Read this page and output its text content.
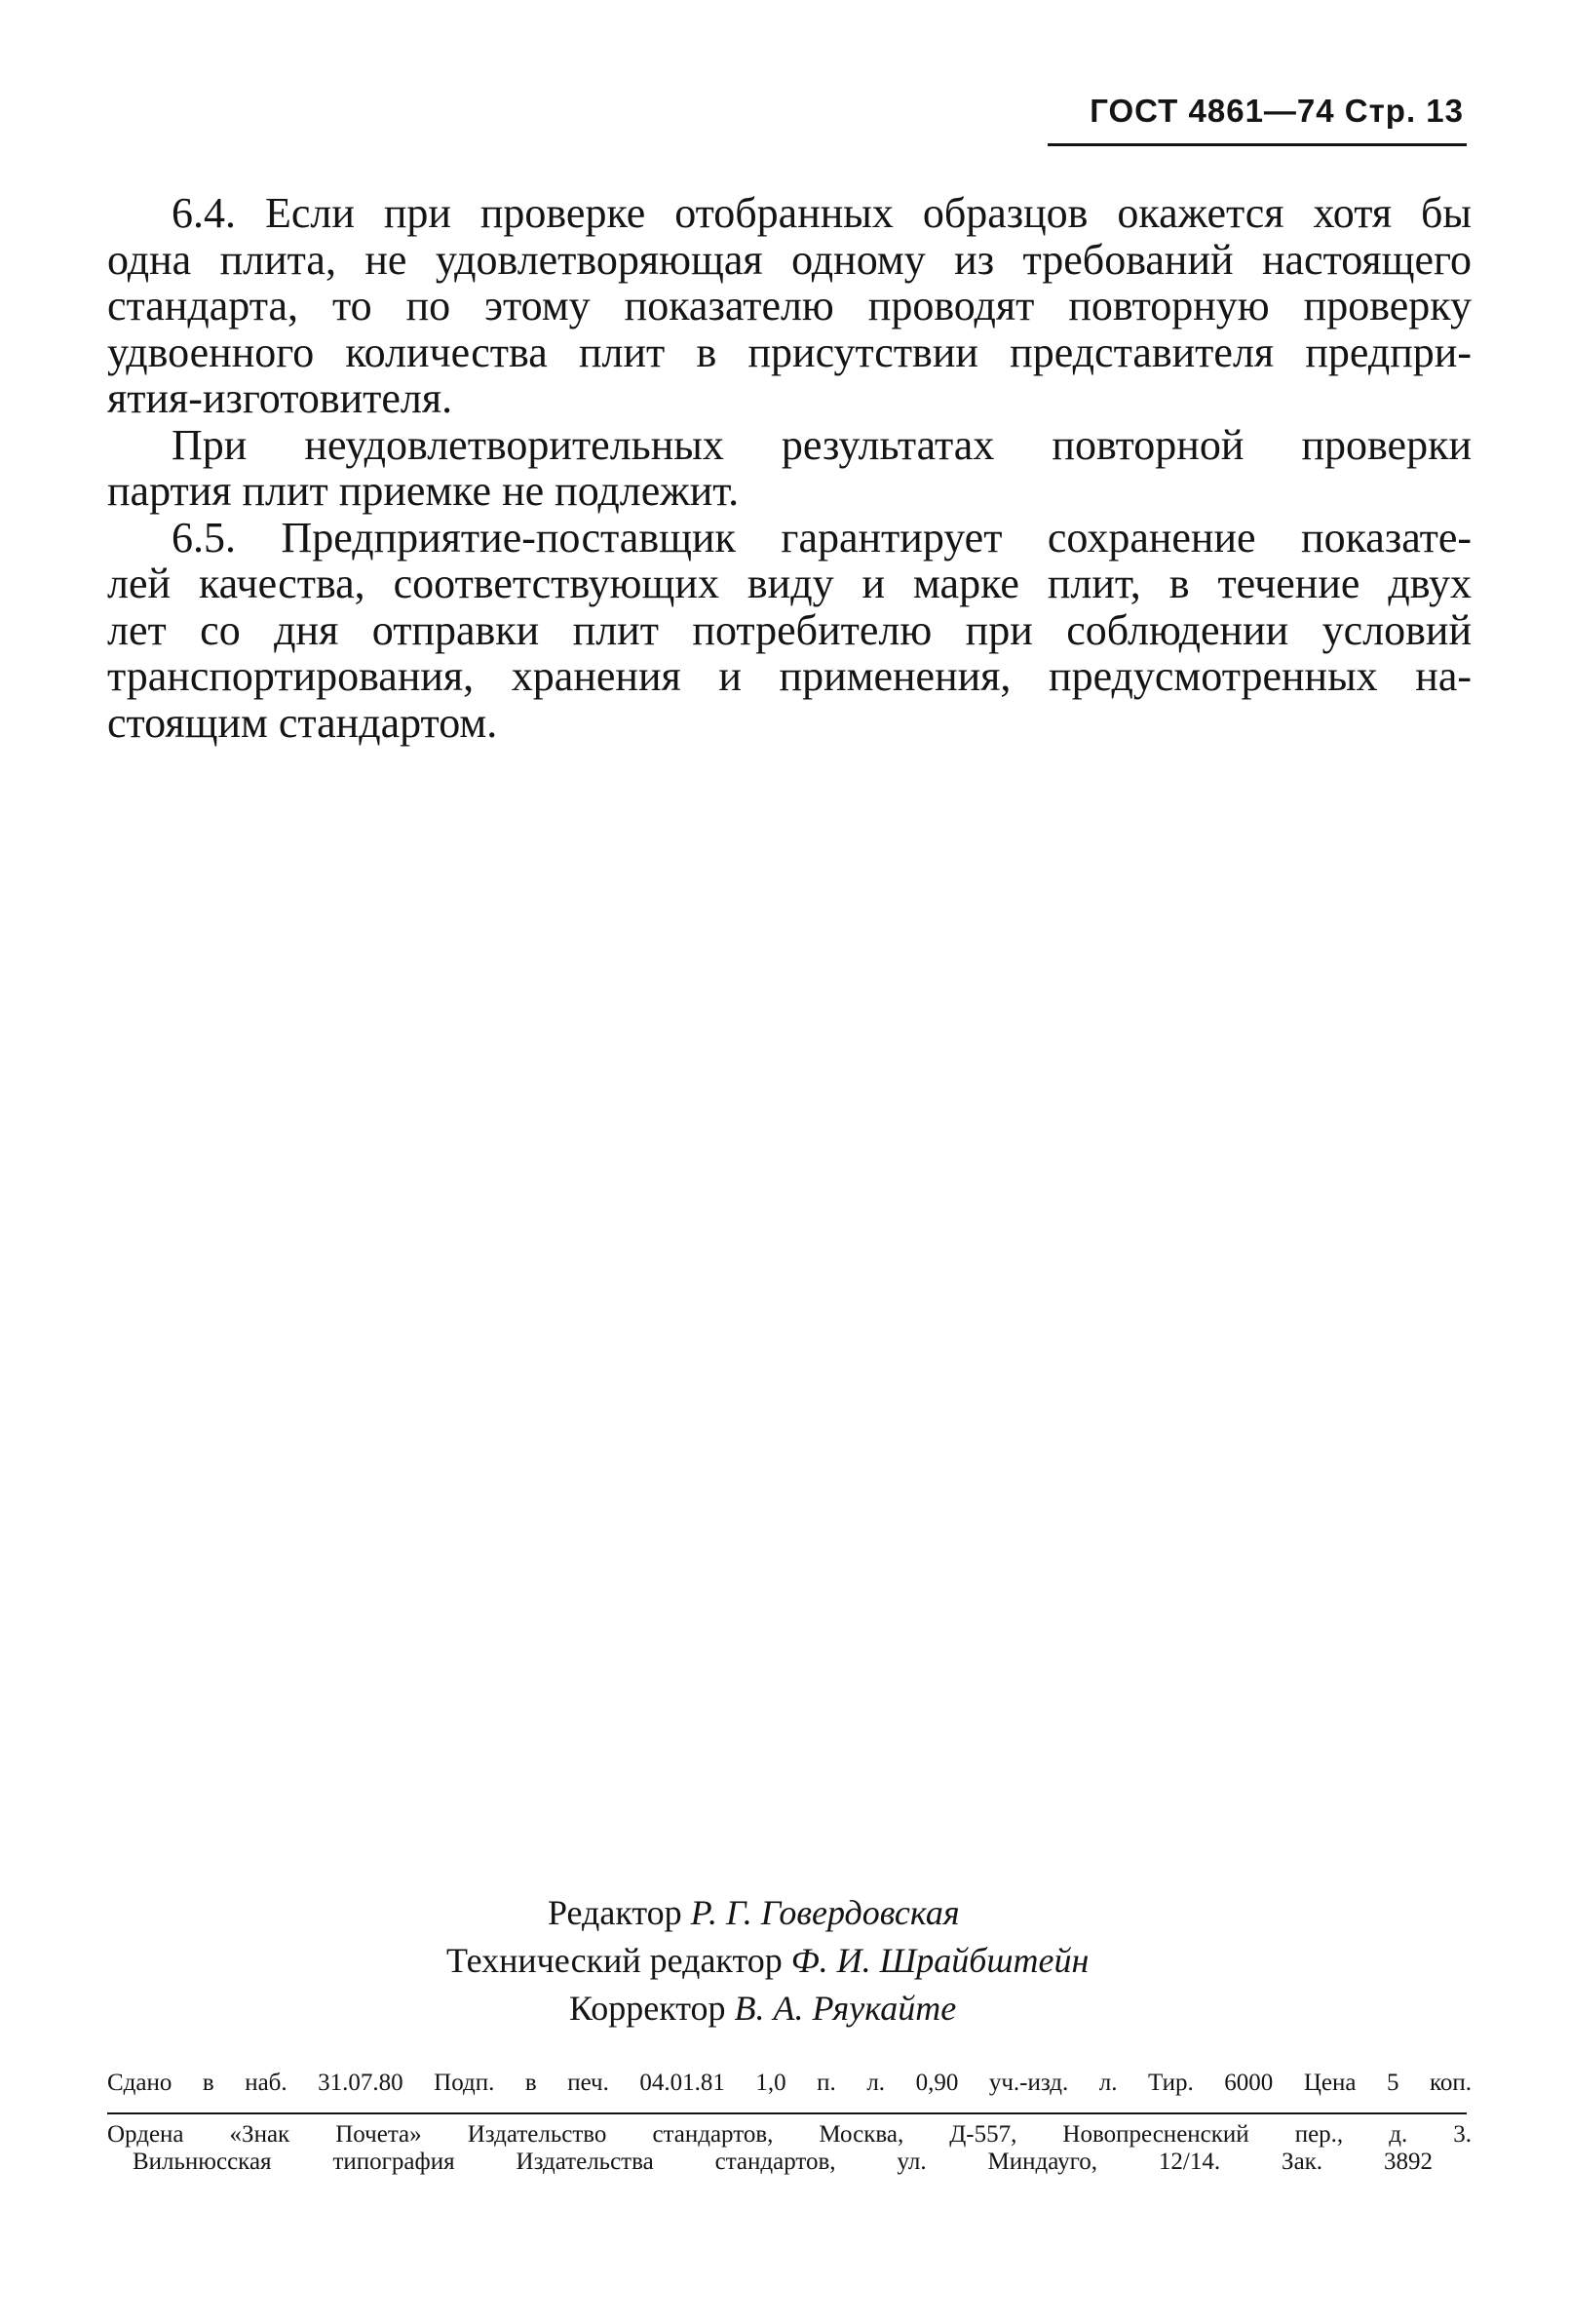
ГОСТ 4861—74 Стр. 13
6.4. Если при проверке отобранных образцов окажется хотя бы
одна плита, не удовлетворяющая одному из требований настоящего
стандарта, то по этому показателю проводят повторную проверку
удвоенного количества плит в присутствии представителя предпри-
ятия-изготовителя.
При неудовлетворительных результатах повторной проверки
партия плит приемке не подлежит.
6.5. Предприятие-поставщик гарантирует сохранение показате-
лей качества, соответствующих виду и марке плит, в течение двух
лет со дня отправки плит потребителю при соблюдении условий
транспортирования, хранения и применения, предусмотренных на-
стоящим стандартом.
Редактор Р. Г. Говердовская
Технический редактор Ф. И. Шрайбштейн
Корректор В. А. Ряукайте
Сдано в наб. 31.07.80 Подп. в печ. 04.01.81 1,0 п. л. 0,90 уч.-изд. л. Тир. 6000 Цена 5 коп.
Ордена «Знак Почета» Издательство стандартов, Москва, Д-557, Новопресненский пер., д. 3.
Вильнюсская типография Издательства стандартов, ул. Миндауго, 12/14. Зак. 3892
